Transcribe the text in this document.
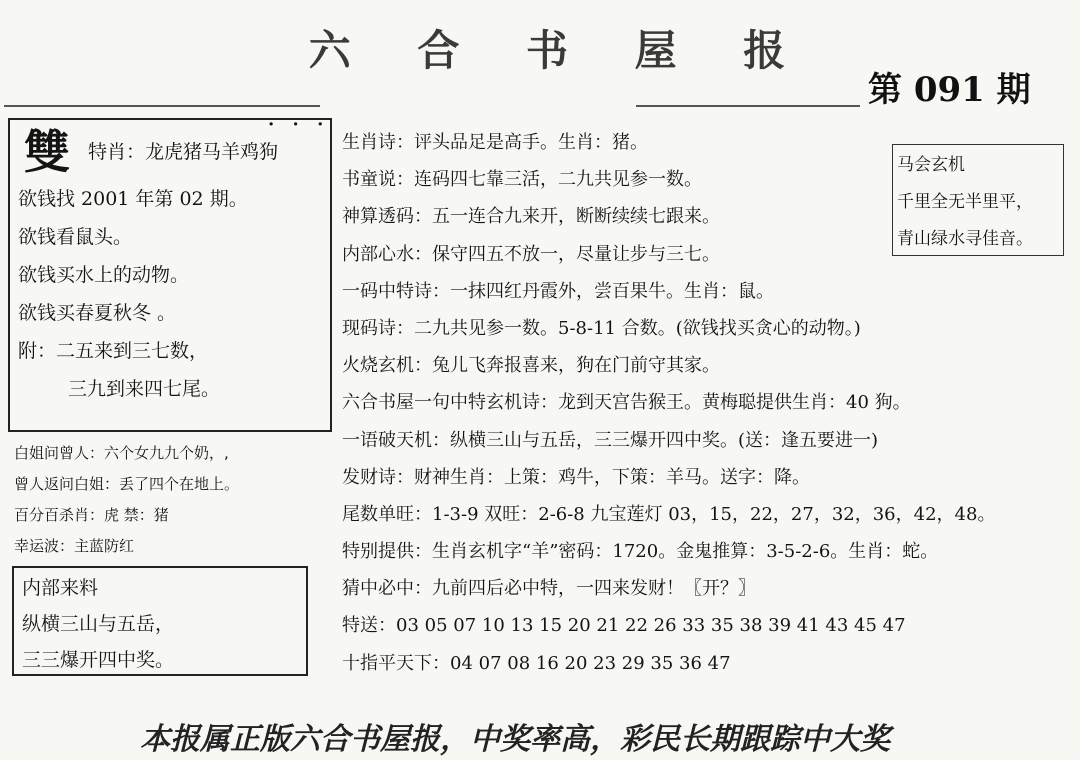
六 合 书 屋 报
第 091 期
雙
· · ·
特肖：龙虎猪马羊鸡狗
欲钱找 2001 年第 02 期。
欲钱看鼠头。
欲钱买水上的动物。
欲钱买春夏秋冬 。
附：二五来到三七数，
三九到来四七尾。
白姐问曾人：六个女九九个奶，,
曾人返问白姐：丢了四个在地上。
百分百杀肖：虎 禁：猪
幸运波：主蓝防红
内部来料
纵横三山与五岳，
三三爆开四中奖。
马会玄机
千里全无半里平，
青山绿水寻佳音。
生肖诗：评头品足是高手。生肖：猪。
书童说：连码四七靠三活，二九共见参一数。
神算透码：五一连合九来开，断断续续七跟来。
内部心水：保守四五不放一，尽量让步与三七。
一码中特诗：一抹四红丹霞外，尝百果牛。生肖：鼠。
现码诗：二九共见参一数。5-8-11 合数。(欲钱找买贪心的动物。)
火烧玄机：兔儿飞奔报喜来，狗在门前守其家。
六合书屋一句中特玄机诗：龙到天宫告猴王。黄梅聪提供生肖：40 狗。
一语破天机：纵横三山与五岳，三三爆开四中奖。(送：逢五要进一)
发财诗：财神生肖：上策：鸡牛，下策：羊马。送字：降。
尾数单旺：1-3-9 双旺：2-6-8 九宝莲灯 03，15，22，27，32，36，42，48。
特别提供：生肖玄机字“羊”密码：1720。金鬼推算：3-5-2-6。生肖：蛇。
猜中必中：九前四后必中特，一四来发财！〖开？〗
特送：03 05 07 10 13 15 20 21 22 26 33 35 38 39 41 43 45 47
十指平天下：04 07 08 16 20 23 29 35 36 47
本报属正版六合书屋报，中奖率高，彩民长期跟踪中大奖
